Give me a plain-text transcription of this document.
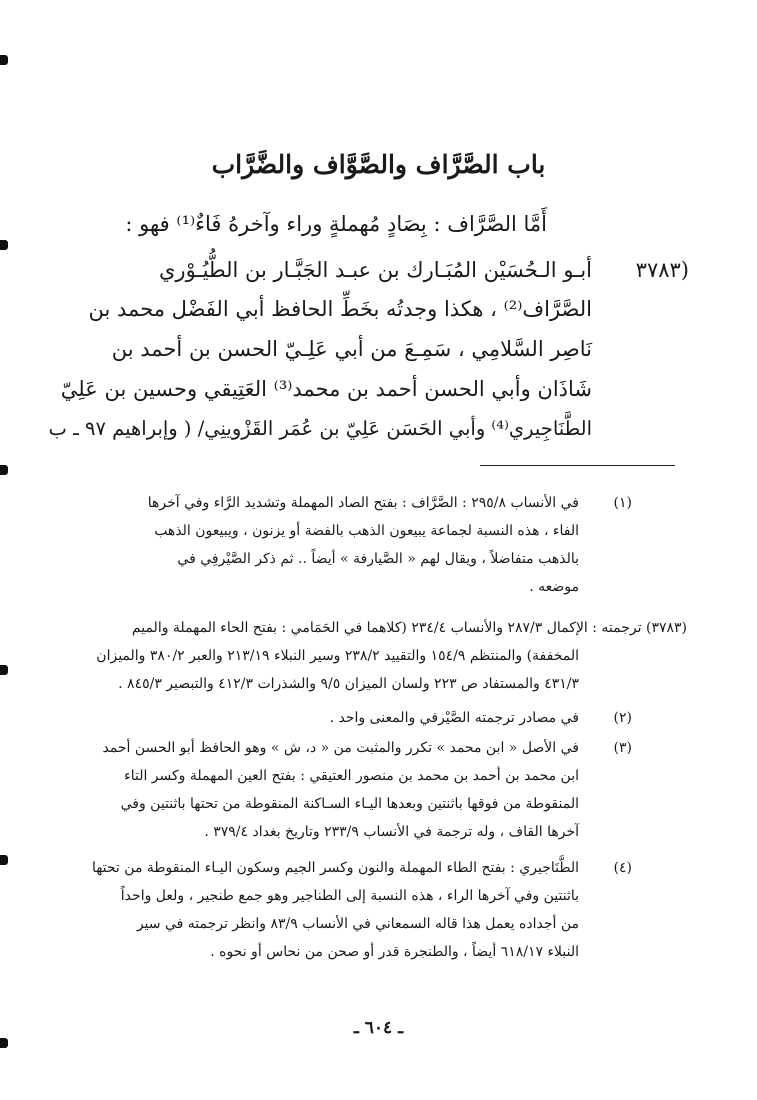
باب الصَّرَّاف والصَّوَّاف والضَّرَّاب
أَمَّا الصَّرَّاف : بِصَادٍ مُهملةٍ وراء وآخرهُ فَاءٌ⁽¹⁾ فهو :
(٣٧٨٣
أبـو الـحُسَيْن المُبَـارك بن عبـد الجَبَّـار بن الطُّيُـوْري
الصَّرَّاف⁽²⁾ ، هكذا وجدتُه بخَطِّ الحافظ أبي الفَضْل محمد بن
نَاصِر السَّلامِي ، سَمِـعَ من أبي عَلِـيّ الحسن بن أحمد بن
شَاذَان وأبي الحسن أحمد بن محمد⁽³⁾ العَتِيقي وحسين بن عَلِيّ
الطَّنَاجِيري⁽⁴⁾ وأبي الحَسَن عَلِيّ بن عُمَر القَزْوينِي/ ( وإبراهيم ٩٧ ـ ب
(١)
في الأنساب ٢٩٥/٨ : الصَّرَّاف : بفتح الصاد المهملة وتشديد الرَّاء وفي آخرها
الفاء ، هذه النسبة لجماعة يبيعون الذهب بالفضة أو يزنون ، ويبيعون الذهب
بالذهب متفاضلاً ، ويقال لهم « الصَّيارفة » أيضاً .. ثم ذكر الصَّيْرفِي في
موضعه .
(٣٧٨٣) ترجمته : الإكمال ٢٨٧/٣ والأنساب ٢٣٤/٤ (كلاهما في الحَمَامي : بفتح الحاء المهملة والميم
المخففة) والمنتظم ١٥٤/٩ والتقييد ٢٣٨/٢ وسير النبلاء ٢١٣/١٩ والعبر ٣٨٠/٢ والميزان
٤٣١/٣ والمستفاد ص ٢٢٣ ولسان الميزان ٩/٥ والشذرات ٤١٢/٣ والتبصير ٨٤٥/٣ .
(٢)
في مصادر ترجمته الصَّيْرفي والمعنى واحد .
(٣)
في الأصل « ابن محمد » تكرر والمثبت من « د، ش » وهو الحافظ أبو الحسن أحمد
ابن محمد بن أحمد بن محمد بن منصور العتيقي : بفتح العين المهملة وكسر التاء
المنقوطة من فوقها باثنتين وبعدها اليـاء السـاكنة المنقوطة من تحتها باثنتين وفي
آخرها القاف ، وله ترجمة في الأنساب ٢٣٣/٩ وتاريخ بغداد ٣٧٩/٤ .
(٤)
الطَّنَاجيري : بفتح الطاء المهملة والنون وكسر الجيم وسكون اليـاء المنقوطة من تحتها
باثنتين وفي آخرها الراء ، هذه النسبة إلى الطناجير وهو جمع طنجير ، ولعل واحداً
من أجداده يعمل هذا قاله السمعاني في الأنساب ٨٣/٩ وانظر ترجمته في سير
النبلاء ٦١٨/١٧ أيضاً ، والطنجرة قدر أو صحن من نحاس أو نحوه .
ـ ٦٠٤ ـ
